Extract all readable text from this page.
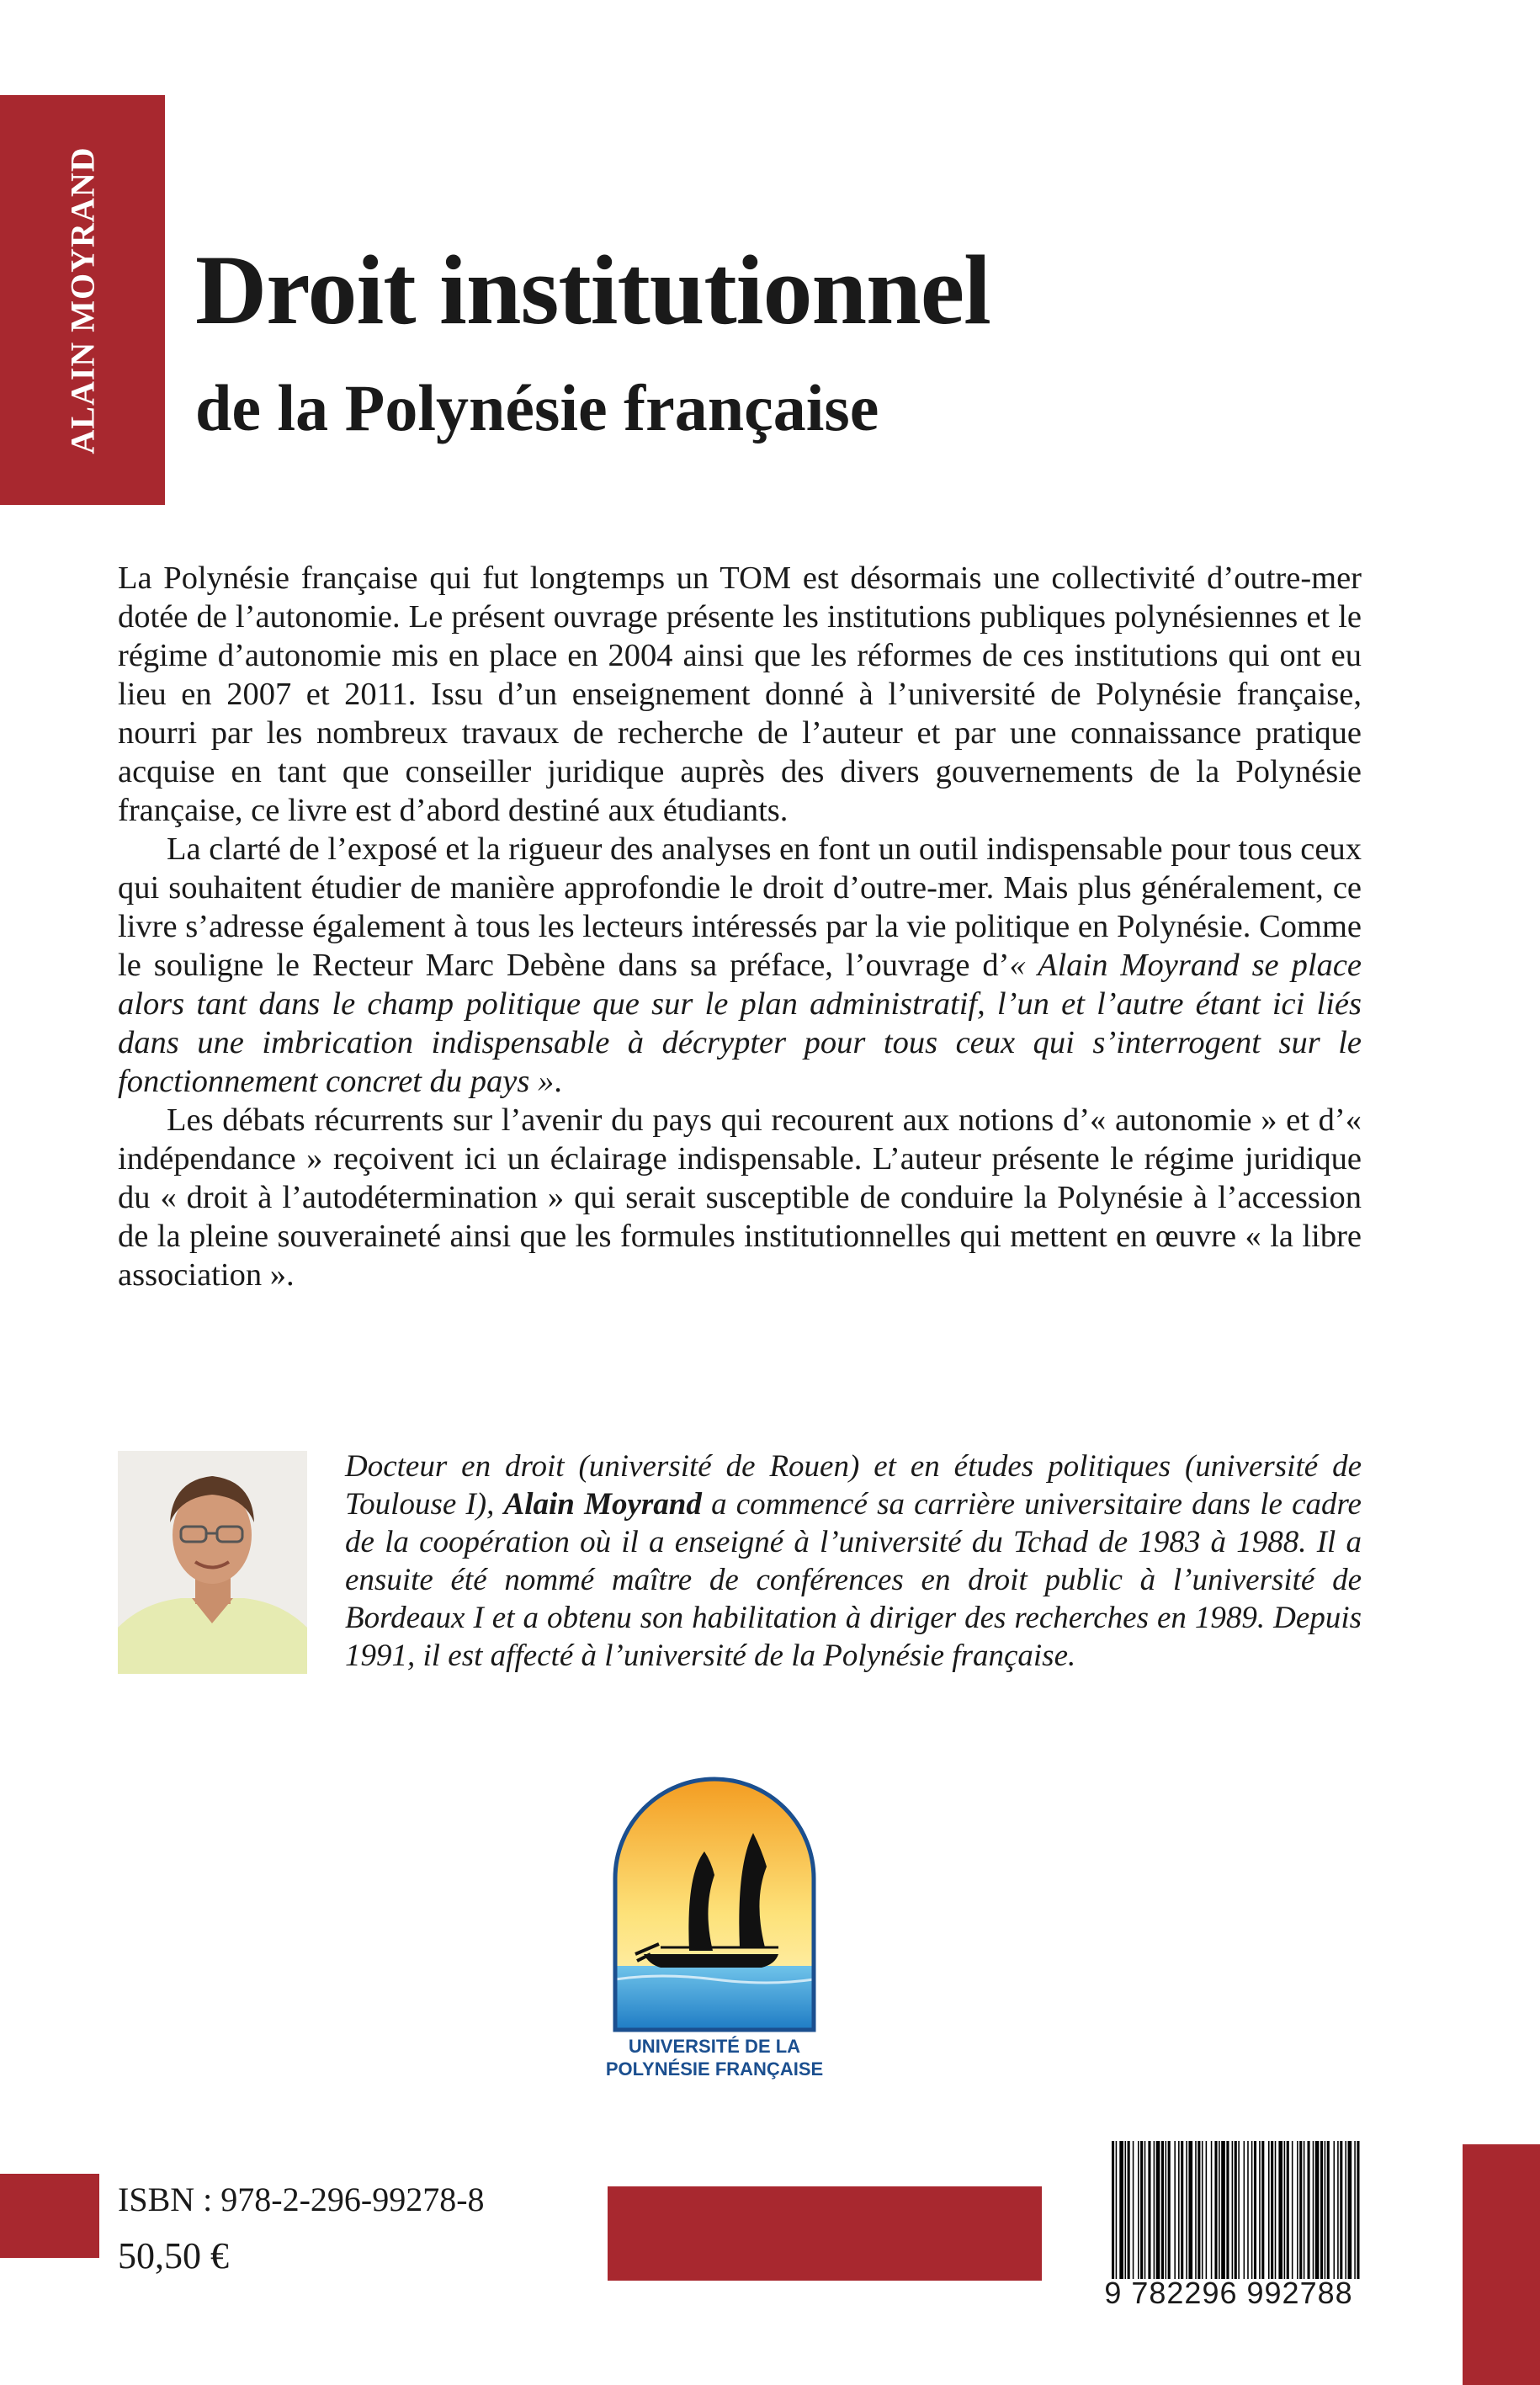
ALAIN MOYRAND Droit institutionnel
de la Polynésie française

La Polynésie française qui fut longtemps un TOM est désormais une collectivité d’outre-mer dotée de l’autonomie. Le présent ouvrage présente les institutions publiques polynésiennes et le régime d’autonomie mis en place en 2004 ainsi que les réformes de ces institutions qui ont eu lieu en 2007 et 2011. Issu d’un enseignement donné à l’université de Polynésie française, nourri par les nombreux travaux de recherche de l’auteur et par une connaissance pratique acquise en tant que conseiller juridique auprès des divers gouvernements de la Polynésie française, ce livre est d’abord destiné aux étudiants.

La clarté de l’exposé et la rigueur des analyses en font un outil indispensable pour tous ceux qui souhaitent étudier de manière approfondie le droit d’outre-mer. Mais plus généralement, ce livre s’adresse également à tous les lecteurs intéressés par la vie politique en Polynésie. Comme le souligne le Recteur Marc Debène dans sa préface, l’ouvrage d’« Alain Moyrand se place alors tant dans le champ politique que sur le plan administratif, l’un et l’autre étant ici liés dans une imbrication indispensable à décrypter pour tous ceux qui s’interrogent sur le fonctionnement concret du pays ».

Les débats récurrents sur l’avenir du pays qui recourent aux notions d’« autonomie » et d’« indépendance » reçoivent ici un éclairage indispensable. L’auteur présente le régime juridique du « droit à l’autodétermination » qui serait susceptible de conduire la Polynésie à l’accession de la pleine souveraineté ainsi que les formules institutionnelles qui mettent en œuvre « la libre association ».

Docteur en droit (université de Rouen) et en études politiques (université de Toulouse I), Alain Moyrand a commencé sa carrière universitaire dans le cadre de la coopération où il a enseigné à l’université du Tchad de 1983 à 1988. Il a ensuite été nommé maître de conférences en droit public à l’université de Bordeaux I et a obtenu son habilitation à diriger des recherches en 1989. Depuis 1991, il est affecté à l’université de la Polynésie française.

UNIVERSITÉ DE LA
POLYNÉSIE FRANÇAISE

ISBN : 978-2-296-99278-8

50,50 €

9 782296 992788
